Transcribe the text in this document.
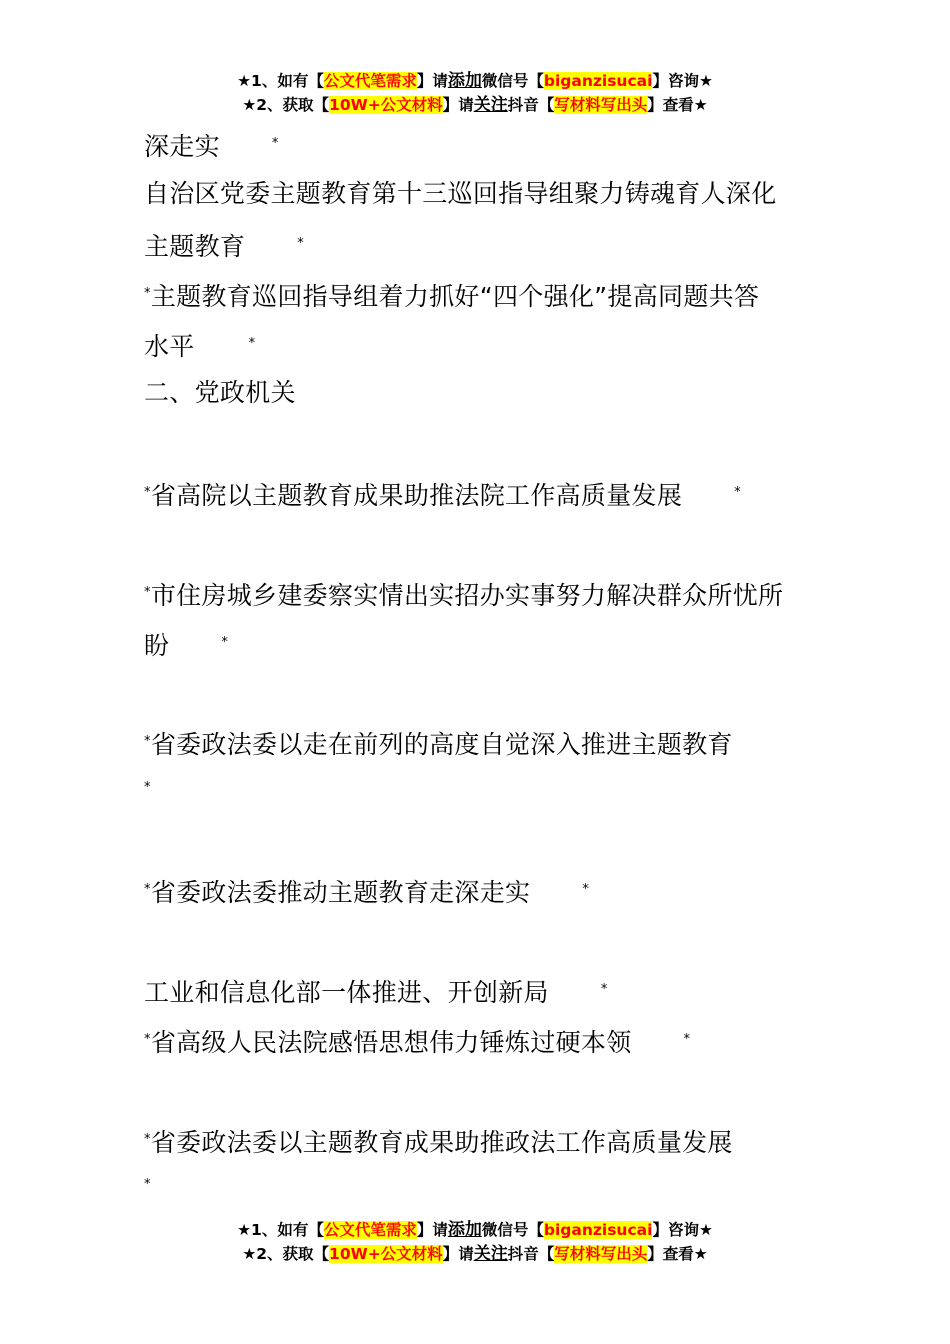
★1、如有【公文代笔需求】请添加微信号【biganzisucai】咨询★
★2、获取【10W+公文材料】请关注抖音【写材料写出头】查看★
深走实	*
自治区党委主题教育第十三巡回指导组聚力铸魂育人深化
主题教育	*
*主题教育巡回指导组着力抓好“四个强化”提高同题共答
水平	*
二、党政机关
*省高院以主题教育成果助推法院工作高质量发展	*
*市住房城乡建委察实情出实招办实事努力解决群众所忧所
盼	*
*省委政法委以走在前列的高度自觉深入推进主题教育
*
*省委政法委推动主题教育走深走实	*
工业和信息化部一体推进、开创新局	*
*省高级人民法院感悟思想伟力锤炼过硬本领	*
*省委政法委以主题教育成果助推政法工作高质量发展
*
★1、如有【公文代笔需求】请添加微信号【biganzisucai】咨询★
★2、获取【10W+公文材料】请关注抖音【写材料写出头】查看★
